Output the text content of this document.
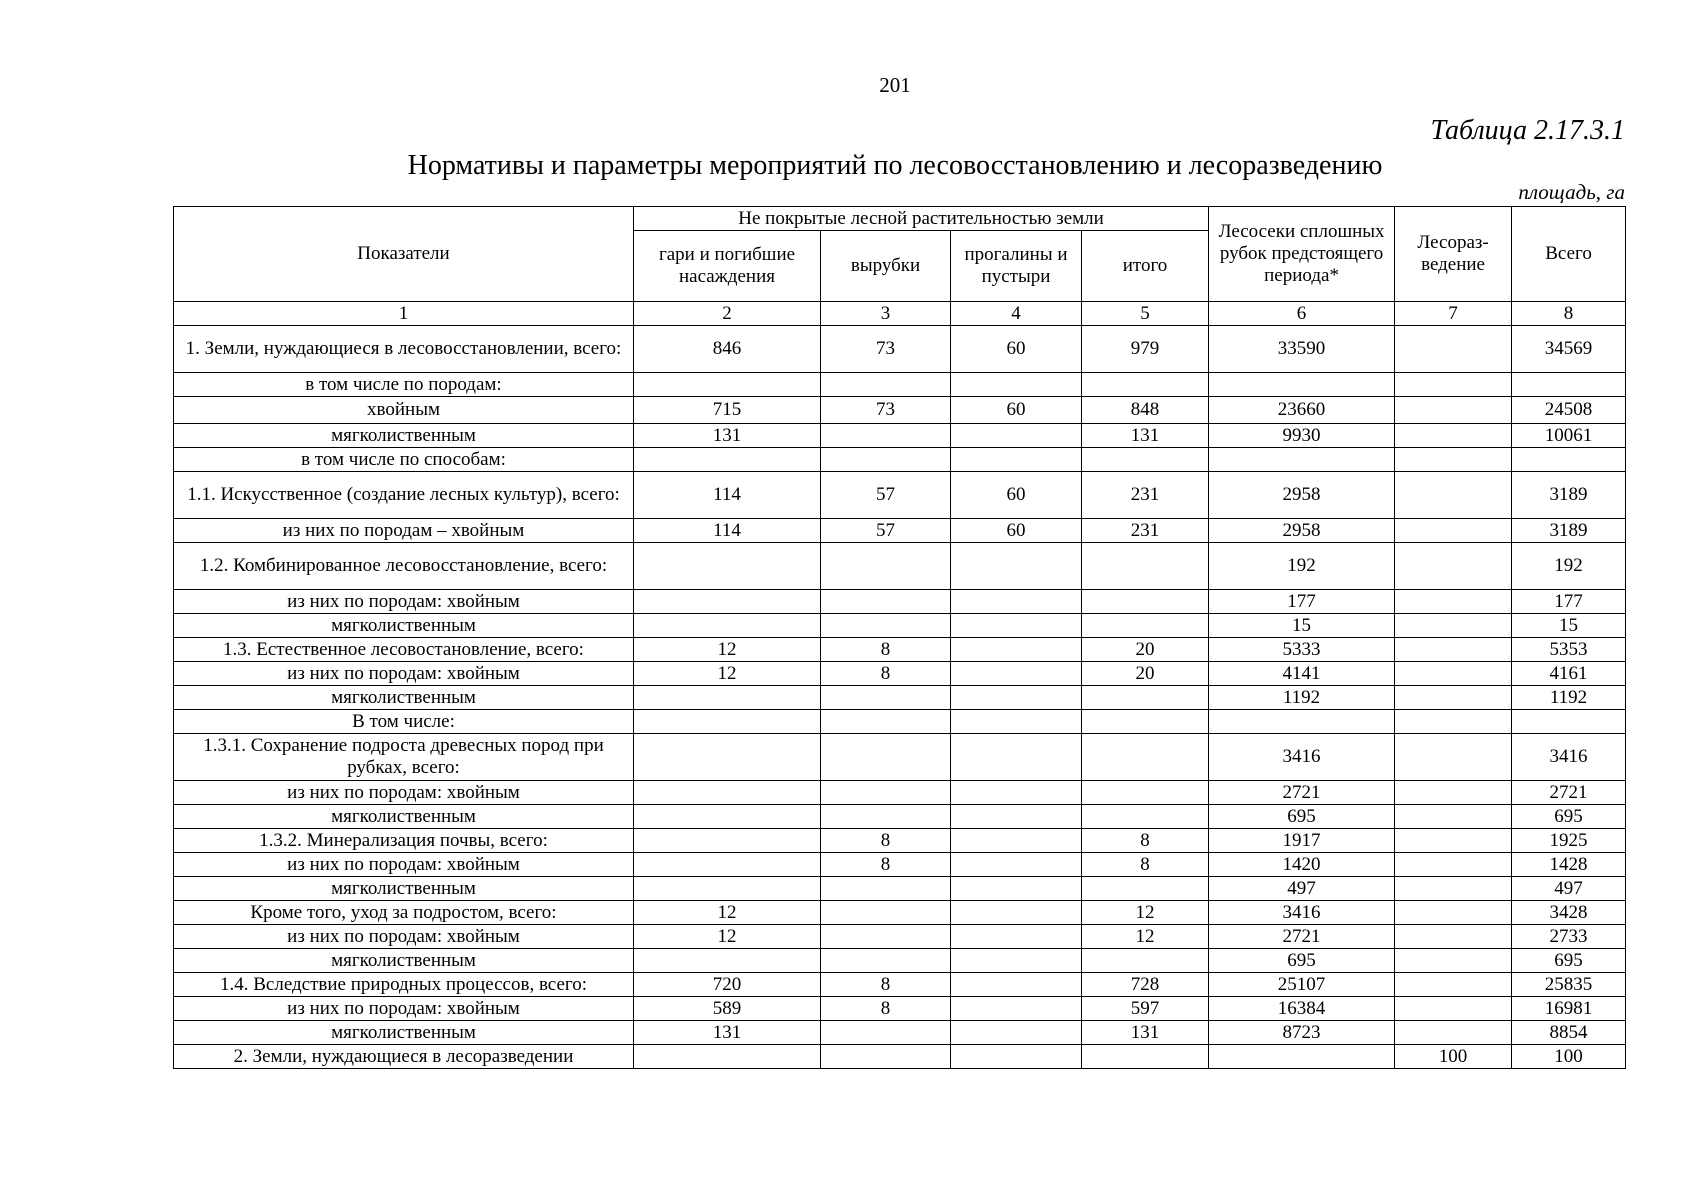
201
Таблица 2.17.3.1
Нормативы и параметры мероприятий по лесовосстановлению и лесоразведению
площадь, га
Показатели	Не покрытые лесной растительностью земли				Лесосеки сплошных рубок предстоящего периода*	Лесораз-ведение	Всего
	гари и погибшие насаждения	вырубки	прогалины и пустыри	итого			
1	2	3	4	5	6	7	8
1. Земли, нуждающиеся в лесовосстановлении, всего:	846	73	60	979	33590		34569
в том числе по породам:							
хвойным	715	73	60	848	23660		24508
мягколиственным	131			131	9930		10061
в том числе по способам:							
1.1. Искусственное (создание лесных культур), всего:	114	57	60	231	2958		3189
из них по породам – хвойным	114	57	60	231	2958		3189
1.2. Комбинированное лесовосстановление, всего:					192		192
из них по породам: хвойным					177		177
мягколиственным					15		15
1.3. Естественное лесовостановление, всего:	12	8		20	5333		5353
из них по породам: хвойным	12	8		20	4141		4161
мягколиственным					1192		1192
В том числе:							
1.3.1. Сохранение подроста древесных пород при рубках, всего:					3416		3416
из них по породам: хвойным					2721		2721
мягколиственным					695		695
1.3.2. Минерализация почвы, всего:		8		8	1917		1925
из них по породам: хвойным		8		8	1420		1428
мягколиственным					497		497
Кроме того, уход за подростом, всего:	12			12	3416		3428
из них по породам: хвойным	12			12	2721		2733
мягколиственным					695		695
1.4. Вследствие природных процессов, всего:	720	8		728	25107		25835
из них по породам: хвойным	589	8		597	16384		16981
мягколиственным	131			131	8723		8854
2. Земли, нуждающиеся в лесоразведении						100	100
